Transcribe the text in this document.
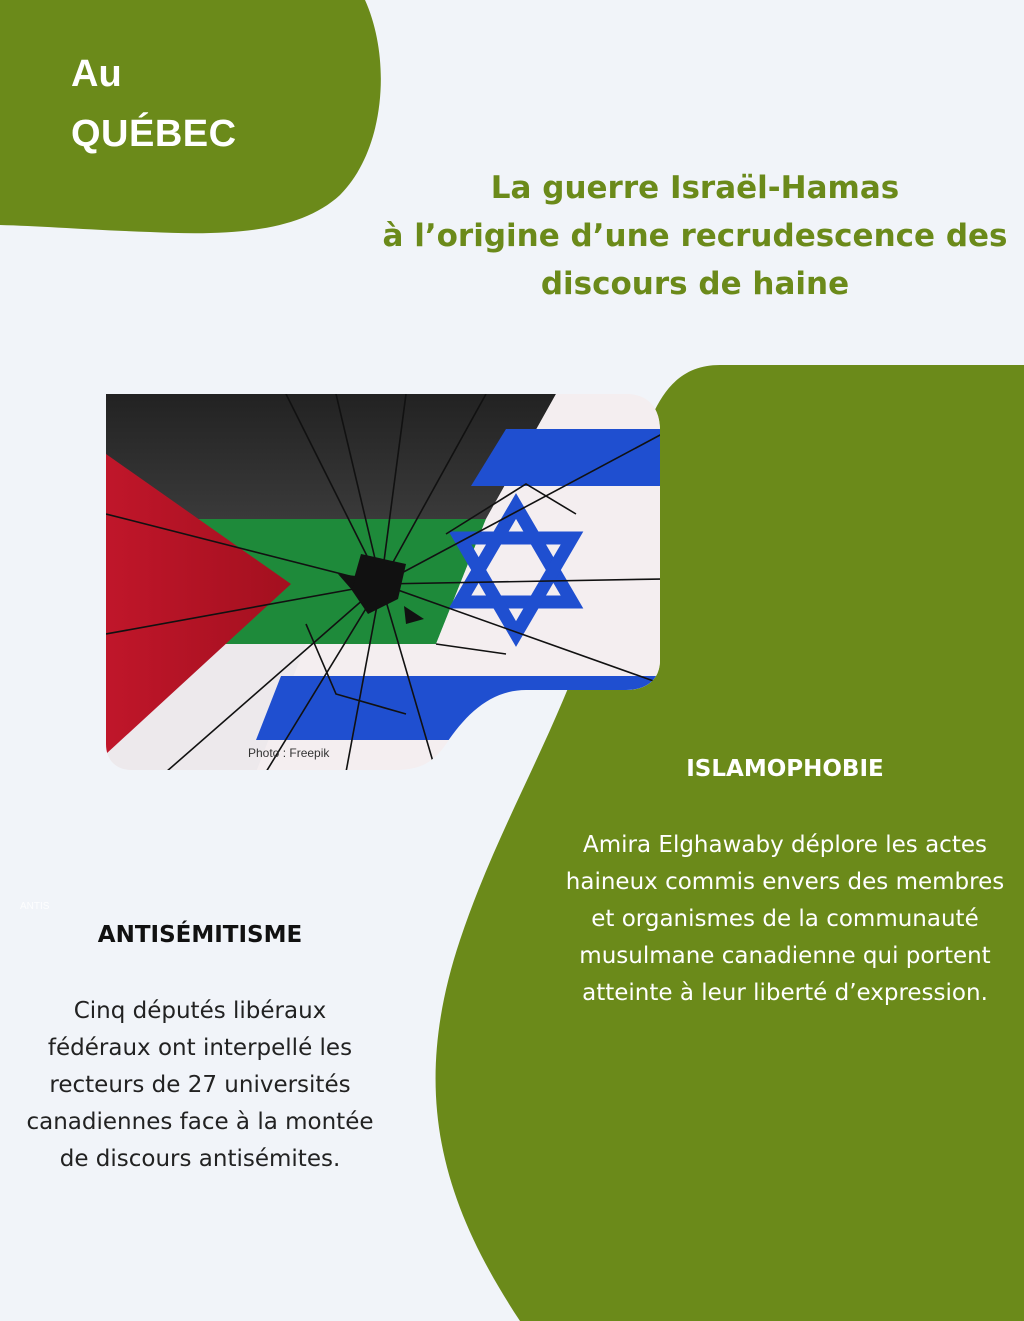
Au
QUÉBEC
La guerre Israël-Hamas
à l’origine d’une recrudescence des
discours de haine
Photo : Freepik
ANTIS
ANTISÉMITISME
Cinq députés libéraux fédéraux ont interpellé les recteurs de 27 universités canadiennes face à la montée de discours antisémites.
ISLAMOPHOBIE
Amira Elghawaby déplore les actes haineux commis envers des membres et organismes de la communauté musulmane canadienne qui portent atteinte à leur liberté d’expression.
